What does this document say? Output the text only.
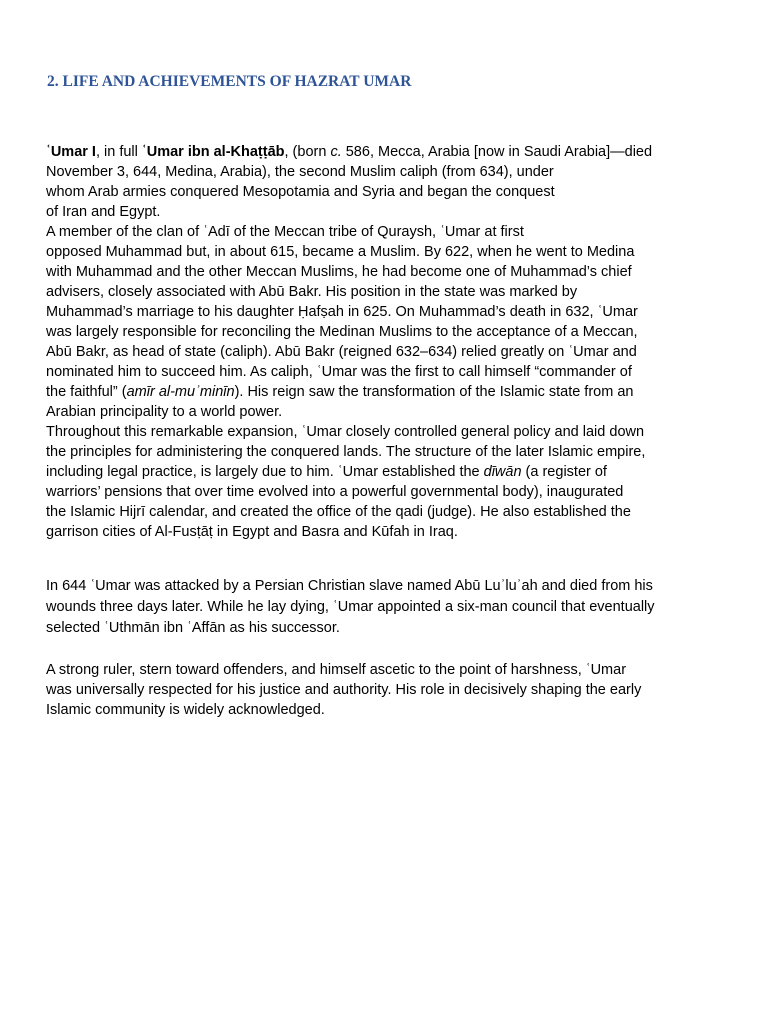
2. LIFE AND ACHIEVEMENTS OF HAZRAT UMAR
ʿUmar I, in full ʿUmar ibn al-Khaṭṭāb, (born c. 586, Mecca, Arabia [now in Saudi Arabia]—died
November 3, 644, Medina, Arabia), the second Muslim caliph (from 634), under
whom Arab armies conquered Mesopotamia and Syria and began the conquest
of Iran and Egypt.
A member of the clan of ʿAdī of the Meccan tribe of Quraysh, ʿUmar at first
opposed Muhammad but, in about 615, became a Muslim. By 622, when he went to Medina
with Muhammad and the other Meccan Muslims, he had become one of Muhammad’s chief
advisers, closely associated with Abū Bakr. His position in the state was marked by
Muhammad’s marriage to his daughter Ḥafṣah in 625. On Muhammad’s death in 632, ʿUmar
was largely responsible for reconciling the Medinan Muslims to the acceptance of a Meccan,
Abū Bakr, as head of state (caliph). Abū Bakr (reigned 632–634) relied greatly on ʿUmar and
nominated him to succeed him. As caliph, ʿUmar was the first to call himself “commander of
the faithful” (amīr al-muʾminīn). His reign saw the transformation of the Islamic state from an
Arabian principality to a world power.
Throughout this remarkable expansion, ʿUmar closely controlled general policy and laid down
the principles for administering the conquered lands. The structure of the later Islamic empire,
including legal practice, is largely due to him. ʿUmar established the dīwān (a register of
warriors’ pensions that over time evolved into a powerful governmental body), inaugurated
the Islamic Hijrī calendar, and created the office of the qadi (judge). He also established the
garrison cities of Al-Fusṭāṭ in Egypt and Basra and Kūfah in Iraq.
In 644 ʿUmar was attacked by a Persian Christian slave named Abū Luʾluʾah and died from his
wounds three days later. While he lay dying, ʿUmar appointed a six-man council that eventually
selected ʿUthmān ibn ʿAffān as his successor.
A strong ruler, stern toward offenders, and himself ascetic to the point of harshness, ʿUmar
was universally respected for his justice and authority. His role in decisively shaping the early
Islamic community is widely acknowledged.
